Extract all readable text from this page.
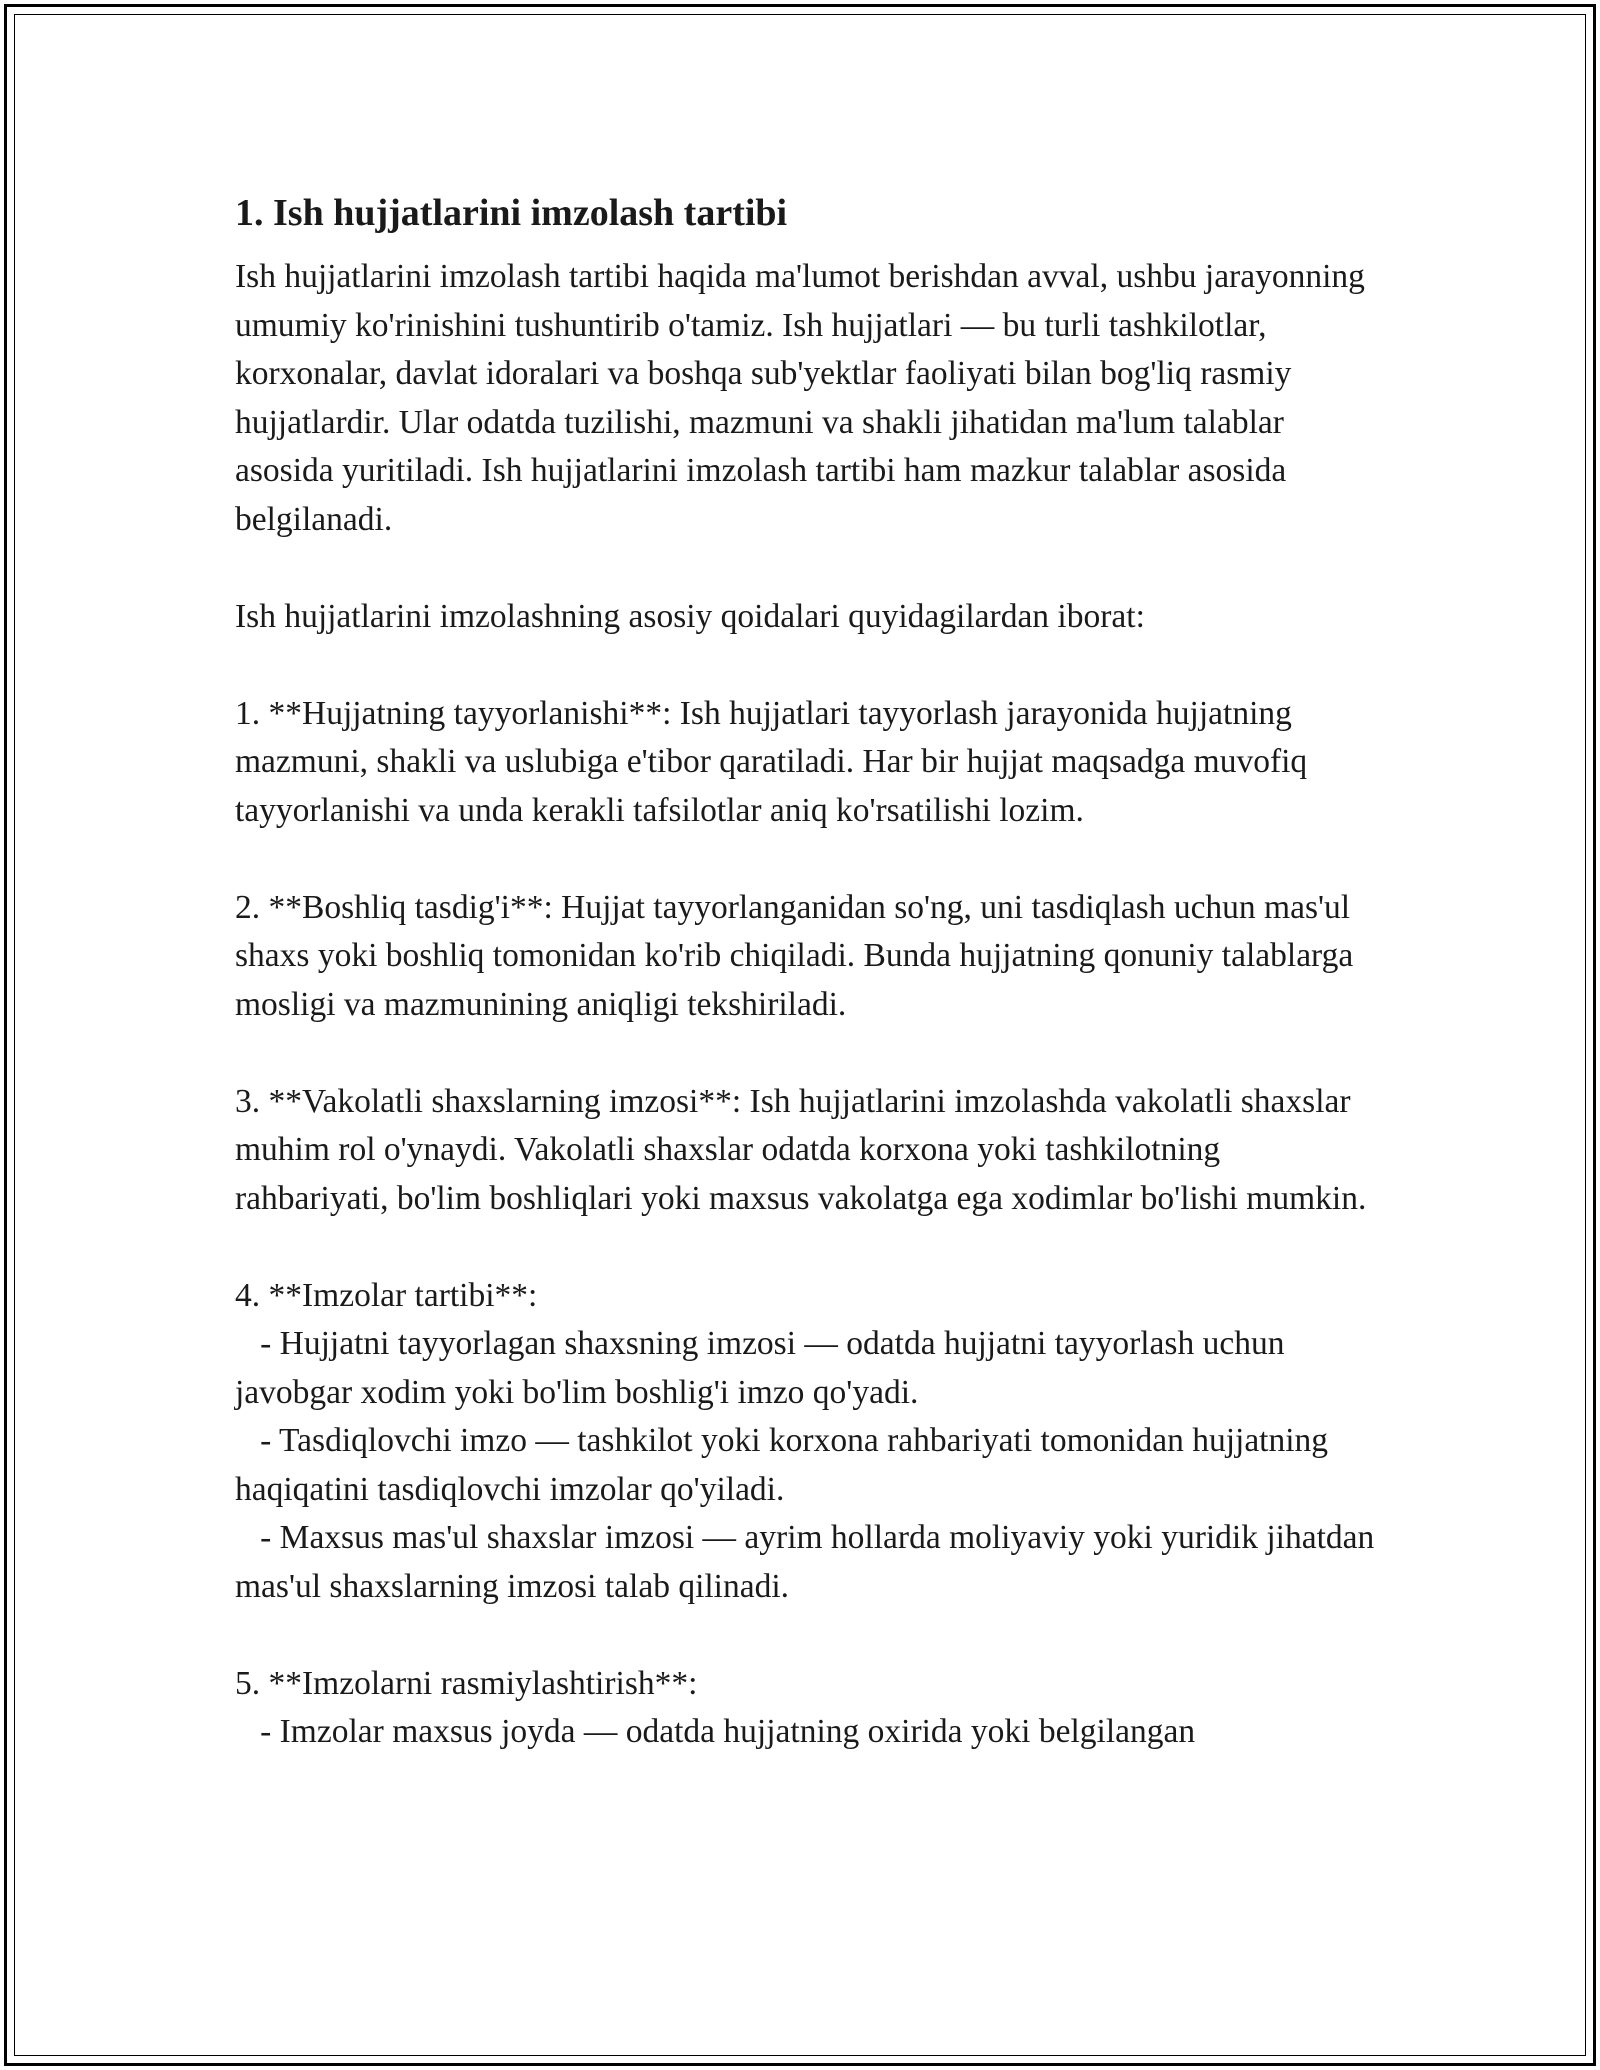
1. Ish hujjatlarini imzolash tartibi

Ish hujjatlarini imzolash tartibi haqida ma'lumot berishdan avval, ushbu jarayonning umumiy ko'rinishini tushuntirib o'tamiz. Ish hujjatlari — bu turli tashkilotlar, korxonalar, davlat idoralari va boshqa sub'yektlar faoliyati bilan bog'liq rasmiy hujjatlardir. Ular odatda tuzilishi, mazmuni va shakli jihatidan ma'lum talablar asosida yuritiladi. Ish hujjatlarini imzolash tartibi ham mazkur talablar asosida belgilanadi.

Ish hujjatlarini imzolashning asosiy qoidalari quyidagilardan iborat:

1. **Hujjatning tayyorlanishi**: Ish hujjatlari tayyorlash jarayonida hujjatning mazmuni, shakli va uslubiga e'tibor qaratiladi. Har bir hujjat maqsadga muvofiq tayyorlanishi va unda kerakli tafsilotlar aniq ko'rsatilishi lozim.

2. **Boshliq tasdig'i**: Hujjat tayyorlanganidan so'ng, uni tasdiqlash uchun mas'ul shaxs yoki boshliq tomonidan ko'rib chiqiladi. Bunda hujjatning qonuniy talablarga mosligi va mazmunining aniqligi tekshiriladi.

3. **Vakolatli shaxslarning imzosi**: Ish hujjatlarini imzolashda vakolatli shaxslar muhim rol o'ynaydi. Vakolatli shaxslar odatda korxona yoki tashkilotning rahbariyati, bo'lim boshliqlari yoki maxsus vakolatga ega xodimlar bo'lishi mumkin.

4. **Imzolar tartibi**:
- Hujjatni tayyorlagan shaxsning imzosi — odatda hujjatni tayyorlash uchun javobgar xodim yoki bo'lim boshlig'i imzo qo'yadi.
- Tasdiqlovchi imzo — tashkilot yoki korxona rahbariyati tomonidan hujjatning haqiqatini tasdiqlovchi imzolar qo'yiladi.
- Maxsus mas'ul shaxslar imzosi — ayrim hollarda moliyaviy yoki yuridik jihatdan mas'ul shaxslarning imzosi talab qilinadi.

5. **Imzolarni rasmiylashtirish**:
- Imzolar maxsus joyda — odatda hujjatning oxirida yoki belgilangan
